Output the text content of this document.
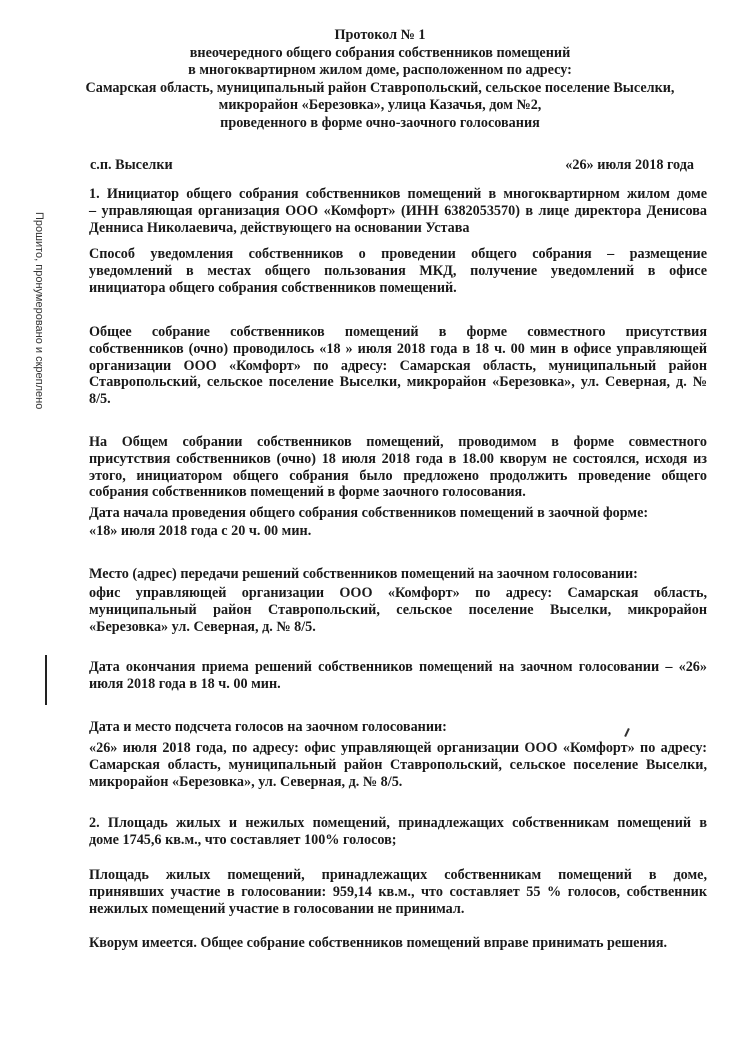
Протокол № 1
внеочередного общего собрания собственников помещений
в многоквартирном жилом доме, расположенном по адресу:
Самарская область, муниципальный район Ставропольский, сельское поселение Выселки,
микрорайон «Березовка», улица Казачья, дом №2,
проведенного в форме очно-заочного голосования
с.п. Выселки	«26» июля 2018 года
Прошито, пронумеровано и скреплено
1. Инициатор общего собрания собственников помещений в многоквартирном жилом доме
– управляющая организация ООО «Комфорт» (ИНН 6382053570) в лице директора Денисова
Денниса Николаевича, действующего на основании Устава
Способ уведомления собственников о проведении общего собрания – размещение
уведомлений в местах общего пользования МКД, получение уведомлений в офисе
инициатора общего собрания собственников помещений.
Общее собрание собственников помещений в форме совместного присутствия
собственников (очно) проводилось «18 » июля 2018 года в 18 ч. 00 мин в офисе управляющей
организации ООО «Комфорт» по адресу: Самарская область, муниципальный район
Ставропольский, сельское поселение Выселки, микрорайон «Березовка», ул. Северная, д. №
8/5.
На Общем собрании собственников помещений, проводимом в форме совместного
присутствия собственников (очно) 18 июля 2018 года в 18.00 кворум не состоялся, исходя из
этого, инициатором общего собрания было предложено продолжить проведение общего
собрания собственников помещений в форме заочного голосования.
Дата начала проведения общего собрания собственников помещений в заочной форме:
«18» июля 2018 года с 20 ч. 00 мин.
Место (адрес) передачи решений собственников помещений на заочном голосовании:
офис управляющей организации ООО «Комфорт» по адресу: Самарская область,
муниципальный район Ставропольский, сельское поселение Выселки, микрорайон
«Березовка» ул. Северная, д. № 8/5.
Дата окончания приема решений собственников помещений на заочном голосовании – «26»
июля 2018 года в 18 ч. 00 мин.
Дата и место подсчета голосов на заочном голосовании:
«26» июля 2018 года, по адресу: офис управляющей организации ООО «Комфорт» по адресу:
Самарская область, муниципальный район Ставропольский, сельское поселение Выселки,
микрорайон «Березовка», ул. Северная, д. № 8/5.
2. Площадь жилых и нежилых помещений, принадлежащих собственникам помещений в
доме 1745,6 кв.м., что составляет 100% голосов;
Площадь жилых помещений, принадлежащих собственникам помещений в доме,
принявших участие в голосовании: 959,14 кв.м., что составляет 55 % голосов, собственник
нежилых помещений участие в голосовании не принимал.
Кворум имеется. Общее собрание собственников помещений вправе принимать решения.
